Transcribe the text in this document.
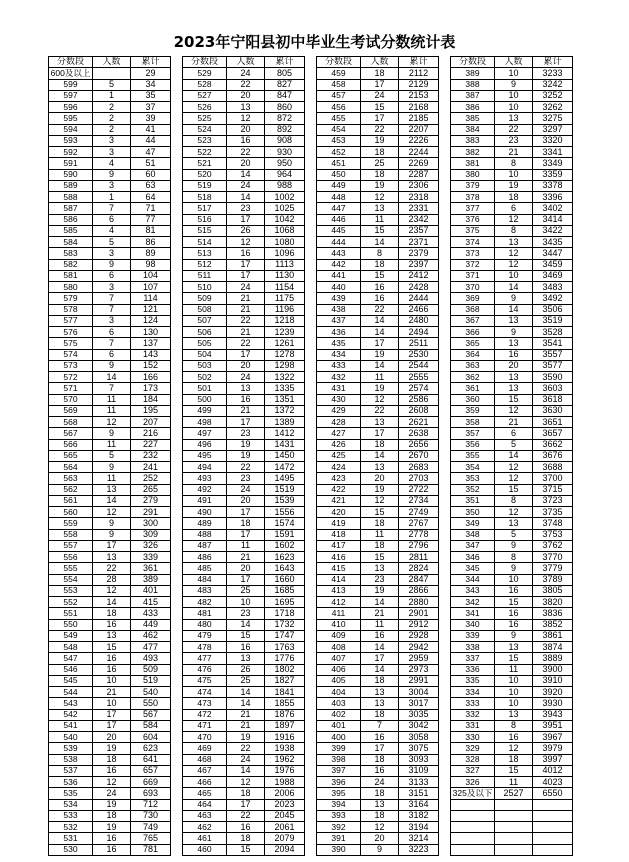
2023年宁阳县初中毕业生考试分数统计表
分数段	人数	累计
600及以上		29
599	5	34
597	1	35
596	2	37
595	2	39
594	2	41
593	3	44
592	3	47
591	4	51
590	9	60
589	3	63
588	1	64
587	7	71
586	6	77
585	4	81
584	5	86
583	3	89
582	9	98
581	6	104
580	3	107
579	7	114
578	7	121
577	3	124
576	6	130
575	7	137
574	6	143
573	9	152
572	14	166
571	7	173
570	11	184
569	11	195
568	12	207
567	9	216
566	11	227
565	5	232
564	9	241
563	11	252
562	13	265
561	14	279
560	12	291
559	9	300
558	9	309
557	17	326
556	13	339
555	22	361
554	28	389
553	12	401
552	14	415
551	18	433
550	16	449
549	13	462
548	15	477
547	16	493
546	16	509
545	10	519
544	21	540
543	10	550
542	17	567
541	17	584
540	20	604
539	19	623
538	18	641
537	16	657
536	12	669
535	24	693
534	19	712
533	18	730
532	19	749
531	16	765
530	16	781
分数段	人数	累计
529	24	805
528	22	827
527	20	847
526	13	860
525	12	872
524	20	892
523	16	908
522	22	930
521	20	950
520	14	964
519	24	988
518	14	1002
517	23	1025
516	17	1042
515	26	1068
514	12	1080
513	16	1096
512	17	1113
511	17	1130
510	24	1154
509	21	1175
508	21	1196
507	22	1218
506	21	1239
505	22	1261
504	17	1278
503	20	1298
502	24	1322
501	13	1335
500	16	1351
499	21	1372
498	17	1389
497	23	1412
496	19	1431
495	19	1450
494	22	1472
493	23	1495
492	24	1519
491	20	1539
490	17	1556
489	18	1574
488	17	1591
487	11	1602
486	21	1623
485	20	1643
484	17	1660
483	25	1685
482	10	1695
481	23	1718
480	14	1732
479	15	1747
478	16	1763
477	13	1776
476	26	1802
475	25	1827
474	14	1841
473	14	1855
472	21	1876
471	21	1897
470	19	1916
469	22	1938
468	24	1962
467	14	1976
466	12	1988
465	18	2006
464	17	2023
463	22	2045
462	16	2061
461	18	2079
460	15	2094
分数段	人数	累计
459	18	2112
458	17	2129
457	24	2153
456	15	2168
455	17	2185
454	22	2207
453	19	2226
452	18	2244
451	25	2269
450	18	2287
449	19	2306
448	12	2318
447	13	2331
446	11	2342
445	15	2357
444	14	2371
443	8	2379
442	18	2397
441	15	2412
440	16	2428
439	16	2444
438	22	2466
437	14	2480
436	14	2494
435	17	2511
434	19	2530
433	14	2544
432	11	2555
431	19	2574
430	12	2586
429	22	2608
428	13	2621
427	17	2638
426	18	2656
425	14	2670
424	13	2683
423	20	2703
422	19	2722
421	12	2734
420	15	2749
419	18	2767
418	11	2778
417	18	2796
416	15	2811
415	13	2824
414	23	2847
413	19	2866
412	14	2880
411	21	2901
410	11	2912
409	16	2928
408	14	2942
407	17	2959
406	14	2973
405	18	2991
404	13	3004
403	13	3017
402	18	3035
401	7	3042
400	16	3058
399	17	3075
398	18	3093
397	16	3109
396	24	3133
395	18	3151
394	13	3164
393	18	3182
392	12	3194
391	20	3214
390	9	3223
分数段	人数	累计
389	10	3233
388	9	3242
387	10	3252
386	10	3262
385	13	3275
384	22	3297
383	23	3320
382	21	3341
381	8	3349
380	10	3359
379	19	3378
378	18	3396
377	6	3402
376	12	3414
375	8	3422
374	13	3435
373	12	3447
372	12	3459
371	10	3469
370	14	3483
369	9	3492
368	14	3506
367	13	3519
366	9	3528
365	13	3541
364	16	3557
363	20	3577
362	13	3590
361	13	3603
360	15	3618
359	12	3630
358	21	3651
357	6	3657
356	5	3662
355	14	3676
354	12	3688
353	12	3700
352	15	3715
351	8	3723
350	12	3735
349	13	3748
348	5	3753
347	9	3762
346	8	3770
345	9	3779
344	10	3789
343	16	3805
342	15	3820
341	16	3836
340	16	3852
339	9	3861
338	13	3874
337	15	3889
336	11	3900
335	10	3910
334	10	3920
333	10	3930
332	13	3943
331	8	3951
330	16	3967
329	12	3979
328	18	3997
327	15	4012
326	11	4023
325及以下	2527	6550
